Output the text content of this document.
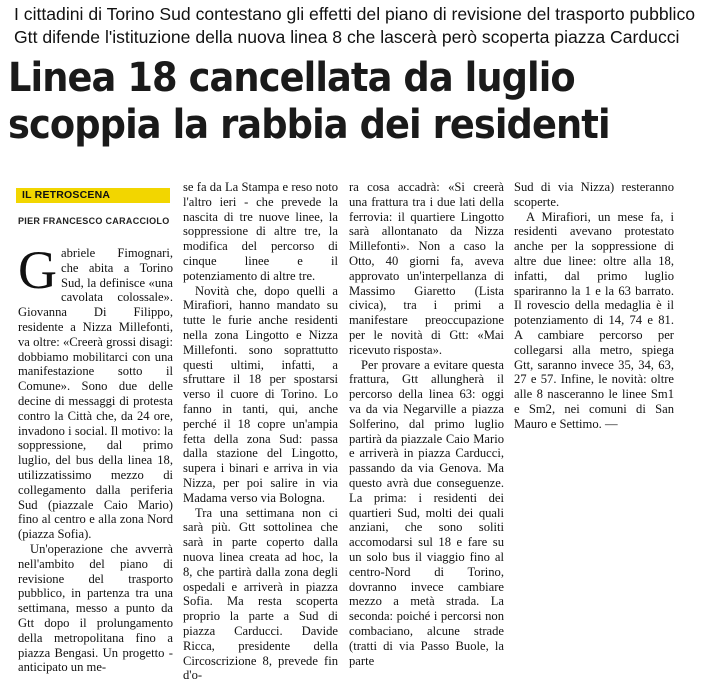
I cittadini di Torino Sud contestano gli effetti del piano di revisione del trasporto pubblico
Gtt difende l'istituzione della nuova linea 8 che lascerà però scoperta piazza Carducci
Linea 18 cancellata da luglio
scoppia la rabbia dei residenti
IL RETROSCENA
PIER FRANCESCO CARACCIOLO

Gabriele Fimognari, che abita a Torino Sud, la definisce «una cavolata colossale». Giovanna Di Filippo, residente a Nizza Millefonti, va oltre: «Creerà grossi disagi: dobbiamo mobilitarci con una manifestazione sotto il Comune». Sono due delle decine di messaggi di protesta contro la Città che, da 24 ore, invadono i social. Il motivo: la soppressione, dal primo luglio, del bus della linea 18, utilizzatissimo mezzo di collegamento dalla periferia Sud (piazzale Caio Mario) fino al centro e alla zona Nord (piazza Sofia).

Un'operazione che avverrà nell'ambito del piano di revisione del trasporto pubblico, in partenza tra una settimana, messo a punto da Gtt dopo il prolungamento della metropolitana fino a piazza Bengasi. Un progetto - anticipato un me-

se fa da La Stampa e reso noto l'altro ieri - che prevede la nascita di tre nuove linee, la soppressione di altre tre, la modifica del percorso di cinque linee e il potenziamento di altre tre.

Novità che, dopo quelli a Mirafiori, hanno mandato su tutte le furie anche residenti nella zona Lingotto e Nizza Millefonti. sono soprattutto questi ultimi, infatti, a sfruttare il 18 per spostarsi verso il cuore di Torino. Lo fanno in tanti, qui, anche perché il 18 copre un'ampia fetta della zona Sud: passa dalla stazione del Lingotto, supera i binari e arriva in via Nizza, per poi salire in via Madama verso via Bologna.

Tra una settimana non ci sarà più. Gtt sottolinea che sarà in parte coperto dalla nuova linea creata ad hoc, la 8, che partirà dalla zona degli ospedali e arriverà in piazza Sofia. Ma resta scoperta proprio la parte a Sud di piazza Carducci. Davide Ricca, presidente della Circoscrizione 8, prevede fin d'o-

ra cosa accadrà: «Si creerà una frattura tra i due lati della ferrovia: il quartiere Lingotto sarà allontanato da Nizza Millefonti». Non a caso la Otto, 40 giorni fa, aveva approvato un'interpellanza di Massimo Giaretto (Lista civica), tra i primi a manifestare preoccupazione per le novità di Gtt: «Mai ricevuto risposta».

Per provare a evitare questa frattura, Gtt allungherà il percorso della linea 63: oggi va da via Negarville a piazza Solferino, dal primo luglio partirà da piazzale Caio Mario e arriverà in piazza Carducci, passando da via Genova. Ma questo avrà due conseguenze. La prima: i residenti dei quartieri Sud, molti dei quali anziani, che sono soliti accomodarsi sul 18 e fare su un solo bus il viaggio fino al centro-Nord di Torino, dovranno invece cambiare mezzo a metà strada. La seconda: poiché i percorsi non combaciano, alcune strade (tratti di via Passo Buole, la parte

Sud di via Nizza) resteranno scoperte.

A Mirafiori, un mese fa, i residenti avevano protestato anche per la soppressione di altre due linee: oltre alla 18, infatti, dal primo luglio spariranno la 1 e la 63 barrato. Il rovescio della medaglia è il potenziamento di 14, 74 e 81. A cambiare percorso per collegarsi alla metro, spiega Gtt, saranno invece 35, 34, 63, 27 e 57. Infine, le novità: oltre alle 8 nasceranno le linee Sm1 e Sm2, nei comuni di San Mauro e Settimo. —
